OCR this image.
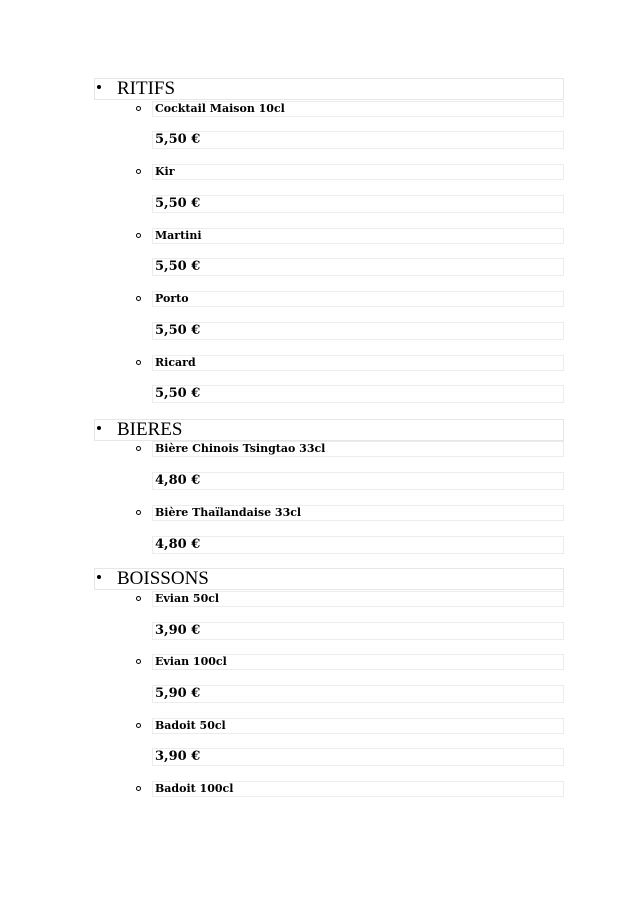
RITIFS
Cocktail Maison 10cl
5,50 €
Kir
5,50 €
Martini
5,50 €
Porto
5,50 €
Ricard
5,50 €
BIERES
Bière Chinois Tsingtao 33cl
4,80 €
Bière Thaïlandaise 33cl
4,80 €
BOISSONS
Evian 50cl
3,90 €
Evian 100cl
5,90 €
Badoit 50cl
3,90 €
Badoit 100cl
